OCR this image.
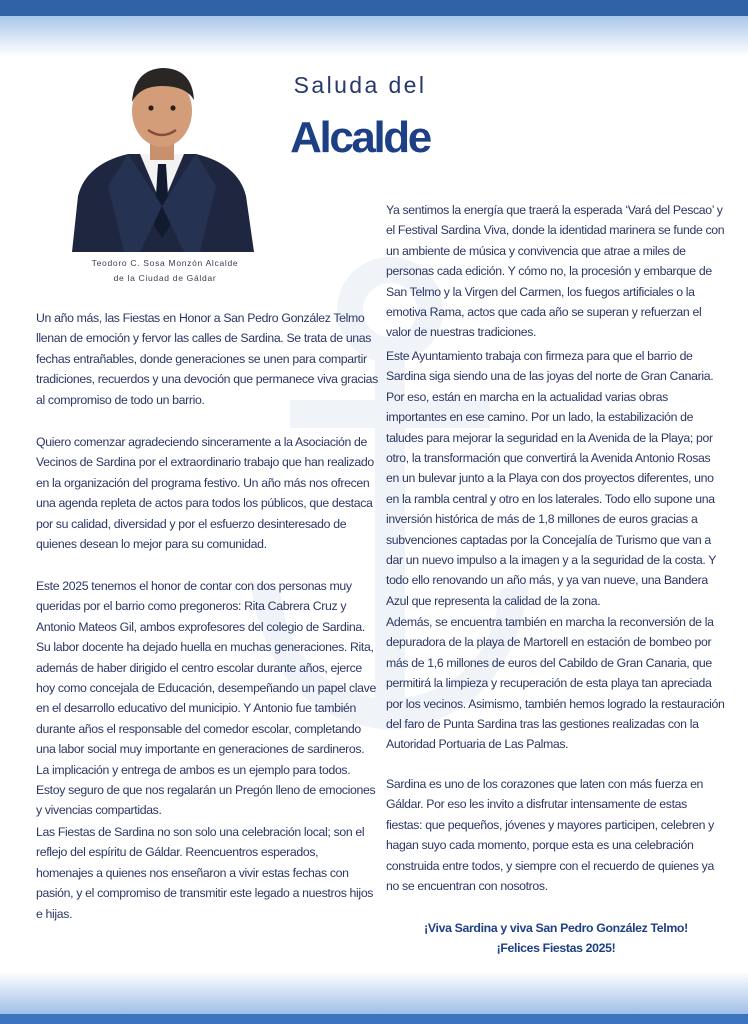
Teodoro C. Sosa Monzón Alcalde
de la Ciudad de Gáldar
Saluda del
Alcalde

Un año más, las Fiestas en Honor a San Pedro González Telmo llenan de emoción y fervor las calles de Sardina. Se trata de unas fechas entrañables, donde generaciones se unen para compartir tradiciones, recuerdos y una devoción que permanece viva gracias al compromiso de todo un barrio.

Quiero comenzar agradeciendo sinceramente a la Asociación de Vecinos de Sardina por el extraordinario trabajo que han realizado en la organización del programa festivo. Un año más nos ofrecen una agenda repleta de actos para todos los públicos, que destaca por su calidad, diversidad y por el esfuerzo desinteresado de quienes desean lo mejor para su comunidad.

Este 2025 tenemos el honor de contar con dos personas muy queridas por el barrio como pregoneros: Rita Cabrera Cruz y Antonio Mateos Gil, ambos exprofesores del colegio de Sardina. Su labor docente ha dejado huella en muchas generaciones. Rita, además de haber dirigido el centro escolar durante años, ejerce hoy como concejala de Educación, desempeñando un papel clave en el desarrollo educativo del municipio. Y Antonio fue también durante años el responsable del comedor escolar, completando una labor social muy importante en generaciones de sardineros. La implicación y entrega de ambos es un ejemplo para todos. Estoy seguro de que nos regalarán un Pregón lleno de emociones y vivencias compartidas.

Las Fiestas de Sardina no son solo una celebración local; son el reflejo del espíritu de Gáldar. Reencuentros esperados, homenajes a quienes nos enseñaron a vivir estas fechas con pasión, y el compromiso de transmitir este legado a nuestros hijos e hijas.

Ya sentimos la energía que traerá la esperada ‘Vará del Pescao’ y el Festival Sardina Viva, donde la identidad marinera se funde con un ambiente de música y convivencia que atrae a miles de personas cada edición. Y cómo no, la procesión y embarque de San Telmo y la Virgen del Carmen, los fuegos artificiales o la emotiva Rama, actos que cada año se superan y refuerzan el valor de nuestras tradiciones.

Este Ayuntamiento trabaja con firmeza para que el barrio de Sardina siga siendo una de las joyas del norte de Gran Canaria. Por eso, están en marcha en la actualidad varias obras importantes en ese camino. Por un lado, la estabilización de taludes para mejorar la seguridad en la Avenida de la Playa; por otro, la transformación que convertirá la Avenida Antonio Rosas en un bulevar junto a la Playa con dos proyectos diferentes, uno en la rambla central y otro en los laterales. Todo ello supone una inversión histórica de más de 1,8 millones de euros gracias a subvenciones captadas por la Concejalía de Turismo que van a dar un nuevo impulso a la imagen y a la seguridad de la costa. Y todo ello renovando un año más, y ya van nueve, una Bandera Azul que representa la calidad de la zona.

Además, se encuentra también en marcha la reconversión de la depuradora de la playa de Martorell en estación de bombeo por más de 1,6 millones de euros del Cabildo de Gran Canaria, que permitirá la limpieza y recuperación de esta playa tan apreciada por los vecinos. Asimismo, también hemos logrado la restauración del faro de Punta Sardina tras las gestiones realizadas con la Autoridad Portuaria de Las Palmas.

Sardina es uno de los corazones que laten con más fuerza en Gáldar. Por eso les invito a disfrutar intensamente de estas fiestas: que pequeños, jóvenes y mayores participen, celebren y hagan suyo cada momento, porque esta es una celebración construida entre todos, y siempre con el recuerdo de quienes ya no se encuentran con nosotros.

¡Viva Sardina y viva San Pedro González Telmo!
¡Felices Fiestas 2025!
